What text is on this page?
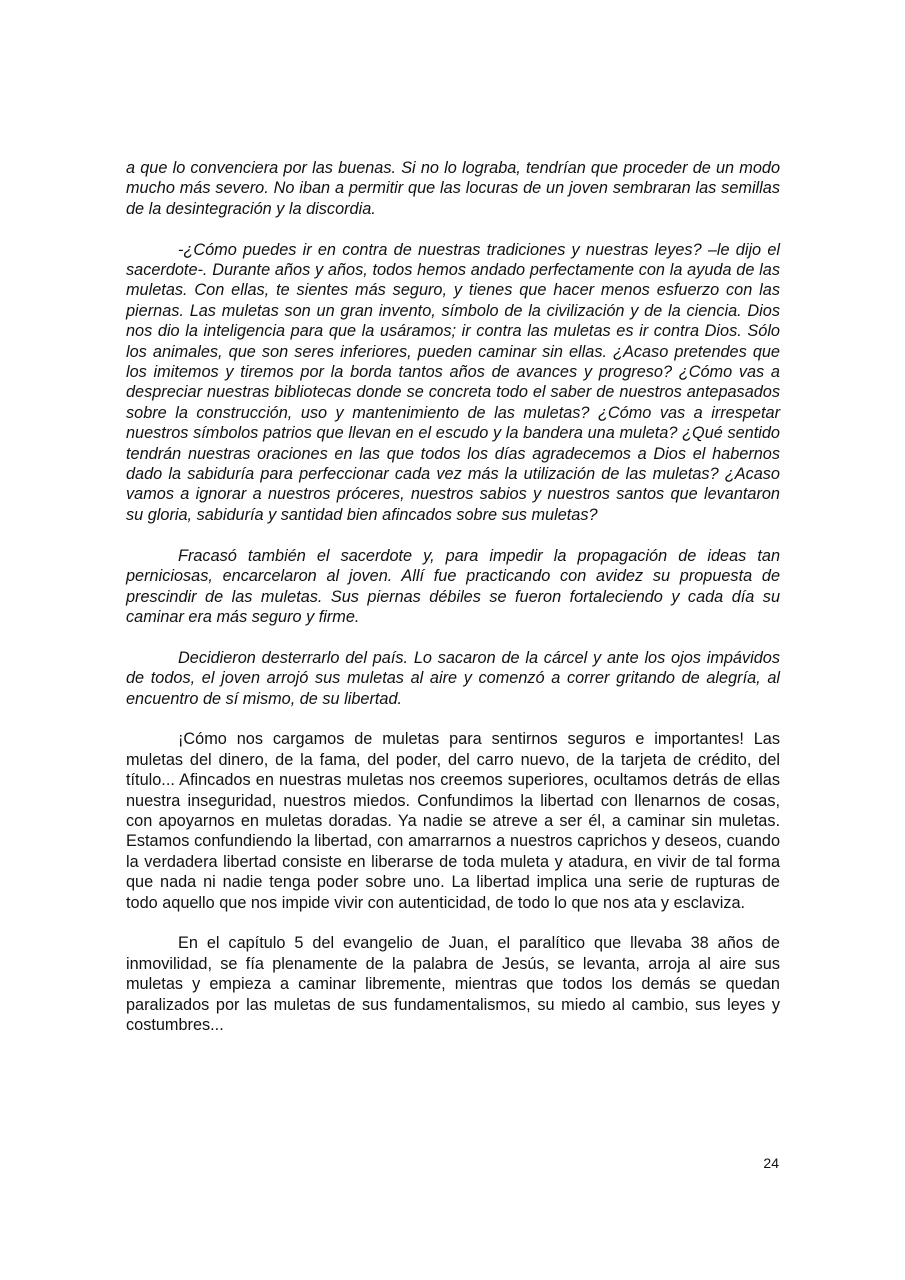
a que lo convenciera por las buenas. Si no lo lograba, tendrían que proceder de un modo mucho más severo. No iban a permitir que las locuras de un joven sembraran las semillas de la desintegración y la discordia.

-¿Cómo puedes ir en contra de nuestras tradiciones y nuestras leyes? –le dijo el sacerdote-. Durante años y años, todos hemos andado perfectamente con la ayuda de las muletas. Con ellas, te sientes más seguro, y tienes que hacer menos esfuerzo con las piernas. Las muletas son un gran invento, símbolo de la civilización y de la ciencia. Dios nos dio la inteligencia para que la usáramos; ir contra las muletas es ir contra Dios. Sólo los animales, que son seres inferiores, pueden caminar sin ellas. ¿Acaso pretendes que los imitemos y tiremos por la borda tantos años de avances y progreso? ¿Cómo vas a despreciar nuestras bibliotecas donde se concreta todo el saber de nuestros antepasados sobre la construcción, uso y mantenimiento de las muletas? ¿Cómo vas a irrespetar nuestros símbolos patrios que llevan en el escudo y la bandera una muleta? ¿Qué sentido tendrán nuestras oraciones en las que todos los días agradecemos a Dios el habernos dado la sabiduría para perfeccionar cada vez más la utilización de las muletas? ¿Acaso vamos a ignorar a nuestros próceres, nuestros sabios y nuestros santos que levantaron su gloria, sabiduría y santidad bien afincados sobre sus muletas?

Fracasó también el sacerdote y, para impedir la propagación de ideas tan perniciosas, encarcelaron al joven. Allí fue practicando con avidez su propuesta de prescindir de las muletas. Sus piernas débiles se fueron fortaleciendo y cada día su caminar era más seguro y firme.

Decidieron desterrarlo del país. Lo sacaron de la cárcel y ante los ojos impávidos de todos, el joven arrojó sus muletas al aire y comenzó a correr gritando de alegría, al encuentro de sí mismo, de su libertad.

¡Cómo nos cargamos de muletas para sentirnos seguros e importantes! Las muletas del dinero, de la fama, del poder, del carro nuevo, de la tarjeta de crédito, del título... Afincados en nuestras muletas nos creemos superiores, ocultamos detrás de ellas nuestra inseguridad, nuestros miedos. Confundimos la libertad con llenarnos de cosas, con apoyarnos en muletas doradas. Ya nadie se atreve a ser él, a caminar sin muletas. Estamos confundiendo la libertad, con amarrarnos a nuestros caprichos y deseos, cuando la verdadera libertad consiste en liberarse de toda muleta y atadura, en vivir de tal forma que nada ni nadie tenga poder sobre uno. La libertad implica una serie de rupturas de todo aquello que nos impide vivir con autenticidad, de todo lo que nos ata y esclaviza.

En el capítulo 5 del evangelio de Juan, el paralítico que llevaba 38 años de inmovilidad, se fía plenamente de la palabra de Jesús, se levanta, arroja al aire sus muletas y empieza a caminar libremente, mientras que todos los demás se quedan paralizados por las muletas de sus fundamentalismos, su miedo al cambio, sus leyes y costumbres...

24
